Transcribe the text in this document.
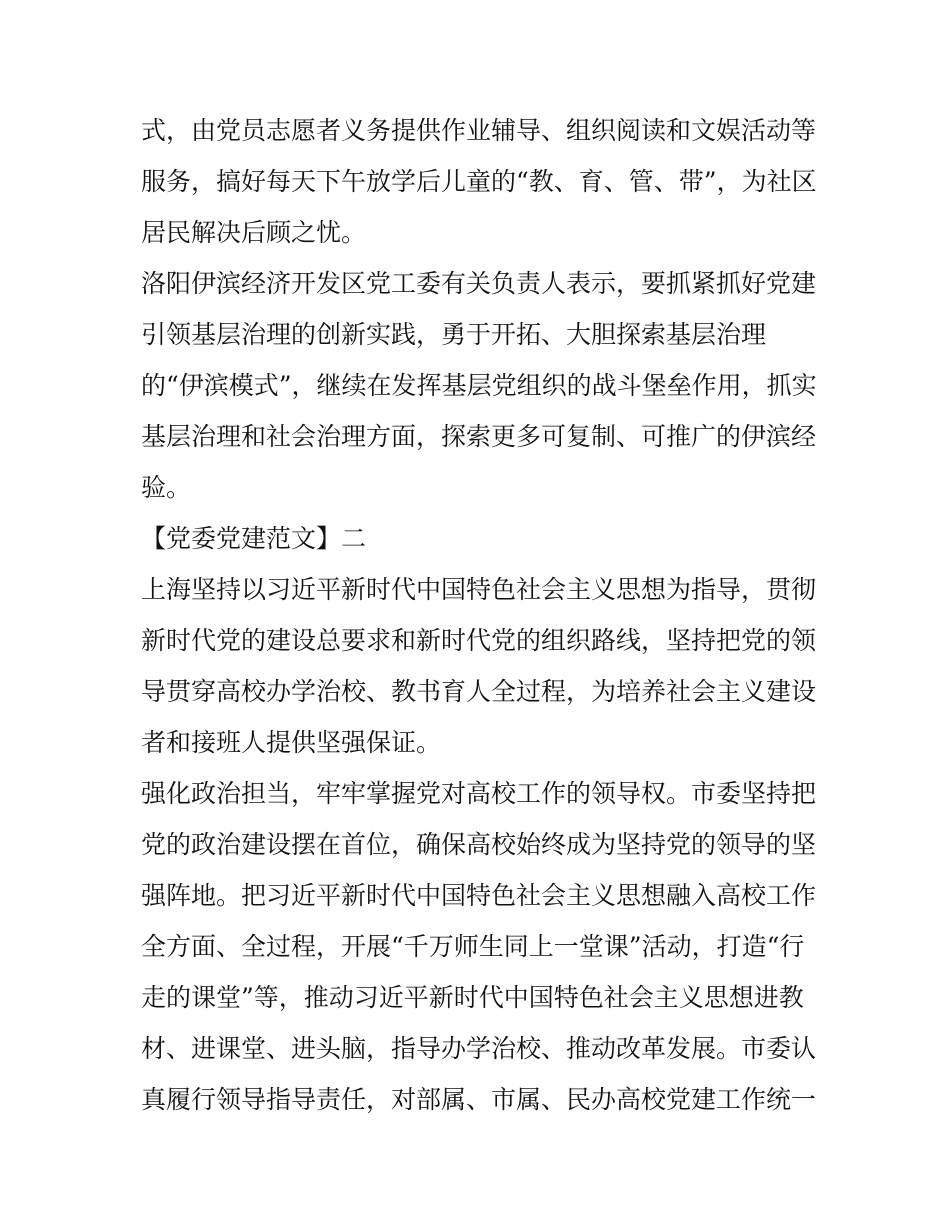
式，由党员志愿者义务提供作业辅导、组织阅读和文娱活动等
服务，搞好每天下午放学后儿童的“教、育、管、带”，为社区
居民解决后顾之忧。
洛阳伊滨经济开发区党工委有关负责人表示，要抓紧抓好党建
引领基层治理的创新实践，勇于开拓、大胆探索基层治理
的“伊滨模式”，继续在发挥基层党组织的战斗堡垒作用，抓实
基层治理和社会治理方面，探索更多可复制、可推广的伊滨经
验。
【党委党建范文】二
上海坚持以习近平新时代中国特色社会主义思想为指导，贯彻
新时代党的建设总要求和新时代党的组织路线，坚持把党的领
导贯穿高校办学治校、教书育人全过程，为培养社会主义建设
者和接班人提供坚强保证。
强化政治担当，牢牢掌握党对高校工作的领导权。市委坚持把
党的政治建设摆在首位，确保高校始终成为坚持党的领导的坚
强阵地。把习近平新时代中国特色社会主义思想融入高校工作
全方面、全过程，开展“千万师生同上一堂课”活动，打造“行
走的课堂”等，推动习近平新时代中国特色社会主义思想进教
材、进课堂、进头脑，指导办学治校、推动改革发展。市委认
真履行领导指导责任，对部属、市属、民办高校党建工作统一
